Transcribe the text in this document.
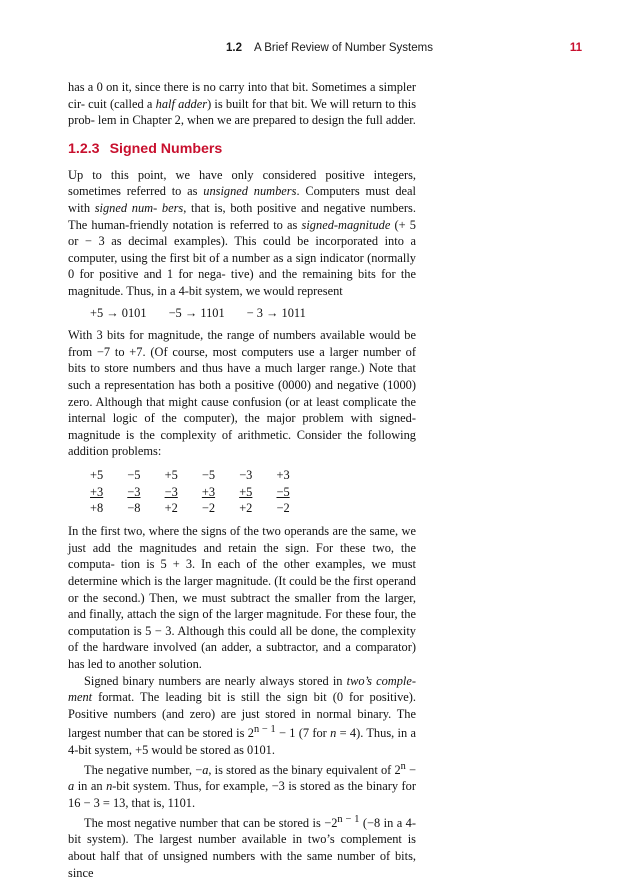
1.2 A Brief Review of Number Systems	11

has a 0 on it, since there is no carry into that bit. Sometimes a simpler cir- cuit (called a half adder) is built for that bit. We will return to this prob- lem in Chapter 2, when we are prepared to design the full adder.

1.2.3 Signed Numbers

Up to this point, we have only considered positive integers, sometimes referred to as unsigned numbers. Computers must deal with signed num- bers, that is, both positive and negative numbers. The human-friendly notation is referred to as signed-magnitude (+ 5 or − 3 as decimal examples). This could be incorporated into a computer, using the first bit of a number as a sign indicator (normally 0 for positive and 1 for nega- tive) and the remaining bits for the magnitude. Thus, in a 4-bit system, we would represent

+5 → 0101 −5 → 1101 − 3 → 1011

With 3 bits for magnitude, the range of numbers available would be from −7 to +7. (Of course, most computers use a larger number of bits to store numbers and thus have a much larger range.) Note that such a representation has both a positive (0000) and negative (1000) zero. Although that might cause confusion (or at least complicate the internal logic of the computer), the major problem with signed-magnitude is the complexity of arithmetic. Consider the following addition problems:

+5	−5	+5	−5	−3	+3
+3	−3	−3	+3	+5	−5
+8	−8	+2	−2	+2	−2

In the first two, where the signs of the two operands are the same, we just add the magnitudes and retain the sign. For these two, the computa- tion is 5 + 3. In each of the other examples, we must determine which is the larger magnitude. (It could be the first operand or the second.) Then, we must subtract the smaller from the larger, and finally, attach the sign of the larger magnitude. For these four, the computation is 5 − 3. Although this could all be done, the complexity of the hardware involved (an adder, a subtractor, and a comparator) has led to another solution.

Signed binary numbers are nearly always stored in two’s comple- ment format. The leading bit is still the sign bit (0 for positive). Positive numbers (and zero) are just stored in normal binary. The largest number that can be stored is $2^{n - 1} - 1$ (7 for n = 4). Thus, in a 4-bit system, +5 would be stored as 0101.

The negative number, −a, is stored as the binary equivalent of $2^n - a$ in an n-bit system. Thus, for example, −3 is stored as the binary for 16 − 3 = 13, that is, 1101.

The most negative number that can be stored is $-2^{n - 1}$ (−8 in a 4-bit system). The largest number available in two’s complement is about half that of unsigned numbers with the same number of bits, since
